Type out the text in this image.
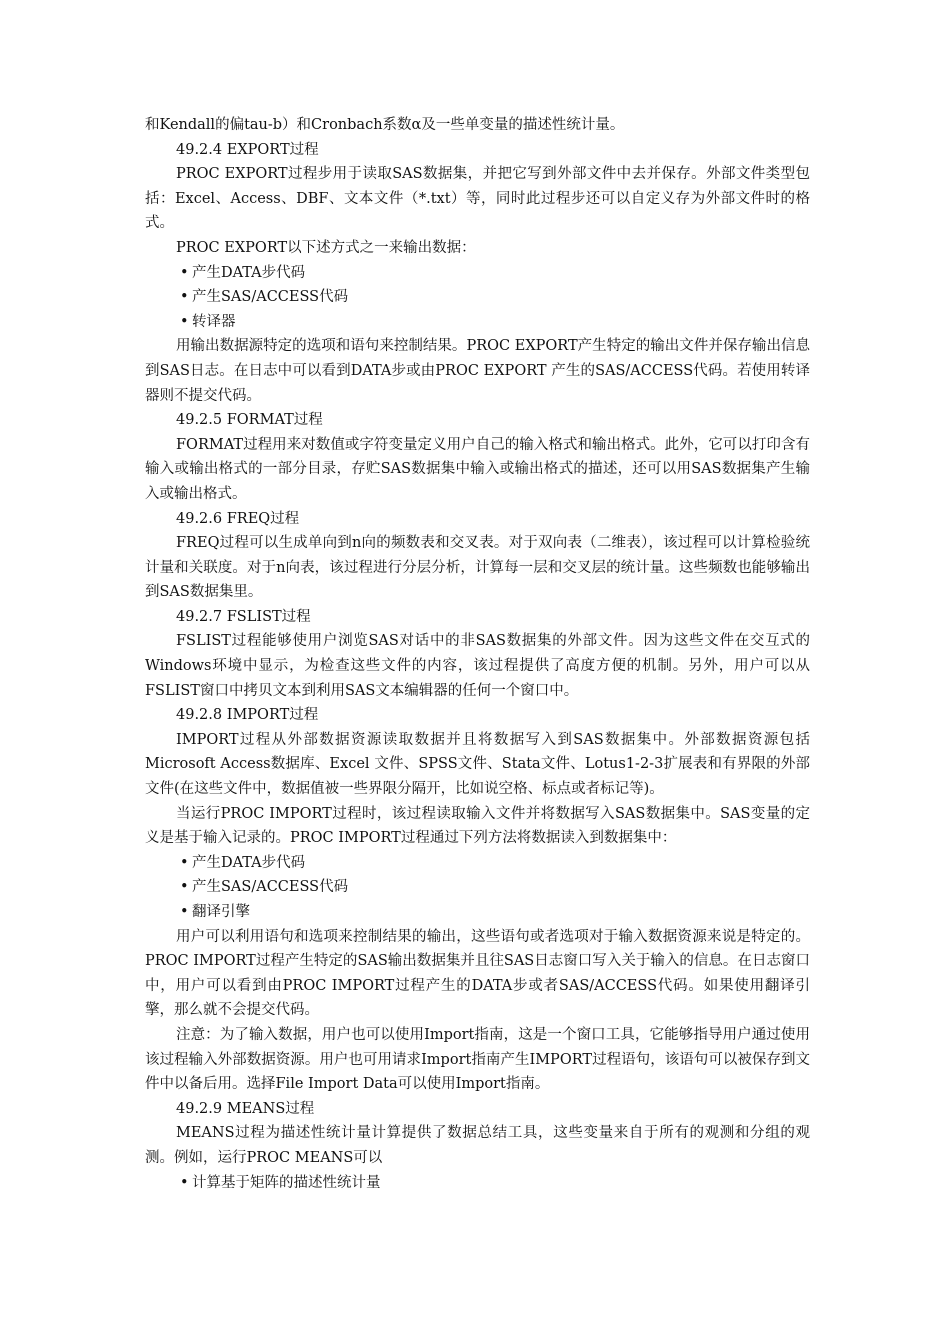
和Kendall的偏tau-b）和Cronbach系数α及一些单变量的描述性统计量。

49.2.4 EXPORT过程

PROC EXPORT过程步用于读取SAS数据集，并把它写到外部文件中去并保存。外部文件类型包括：Excel、Access、DBF、文本文件（*.txt）等，同时此过程步还可以自定义存为外部文件时的格式。

PROC EXPORT以下述方式之一来输出数据：

• 产生DATA步代码

• 产生SAS/ACCESS代码

• 转译器

用输出数据源特定的选项和语句来控制结果。PROC EXPORT产生特定的输出文件并保存输出信息到SAS日志。在日志中可以看到DATA步或由PROC EXPORT 产生的SAS/ACCESS代码。若使用转译器则不提交代码。

49.2.5 FORMAT过程

FORMAT过程用来对数值或字符变量定义用户自己的输入格式和输出格式。此外，它可以打印含有输入或输出格式的一部分目录，存贮SAS数据集中输入或输出格式的描述，还可以用SAS数据集产生输入或输出格式。

49.2.6 FREQ过程

FREQ过程可以生成单向到n向的频数表和交叉表。对于双向表（二维表），该过程可以计算检验统计量和关联度。对于n向表，该过程进行分层分析，计算每一层和交叉层的统计量。这些频数也能够输出到SAS数据集里。

49.2.7 FSLIST过程

FSLIST过程能够使用户浏览SAS对话中的非SAS数据集的外部文件。因为这些文件在交互式的Windows环境中显示，为检查这些文件的内容，该过程提供了高度方便的机制。另外，用户可以从FSLIST窗口中拷贝文本到利用SAS文本编辑器的任何一个窗口中。

49.2.8 IMPORT过程

IMPORT过程从外部数据资源读取数据并且将数据写入到SAS数据集中。外部数据资源包括Microsoft Access数据库、Excel 文件、SPSS文件、Stata文件、Lotus1-2-3扩展表和有界限的外部文件(在这些文件中，数据值被一些界限分隔开，比如说空格、标点或者标记等)。

当运行PROC IMPORT过程时，该过程读取输入文件并将数据写入SAS数据集中。SAS变量的定义是基于输入记录的。PROC IMPORT过程通过下列方法将数据读入到数据集中：

• 产生DATA步代码

• 产生SAS/ACCESS代码

• 翻译引擎

用户可以利用语句和选项来控制结果的输出，这些语句或者选项对于输入数据资源来说是特定的。PROC IMPORT过程产生特定的SAS输出数据集并且往SAS日志窗口写入关于输入的信息。在日志窗口中，用户可以看到由PROC IMPORT过程产生的DATA步或者SAS/ACCESS代码。如果使用翻译引擎，那么就不会提交代码。

注意：为了输入数据，用户也可以使用Import指南，这是一个窗口工具，它能够指导用户通过使用该过程输入外部数据资源。用户也可用请求Import指南产生IMPORT过程语句，该语句可以被保存到文件中以备后用。选择File Import Data可以使用Import指南。

49.2.9 MEANS过程

MEANS过程为描述性统计量计算提供了数据总结工具，这些变量来自于所有的观测和分组的观测。例如，运行PROC MEANS可以

• 计算基于矩阵的描述性统计量
